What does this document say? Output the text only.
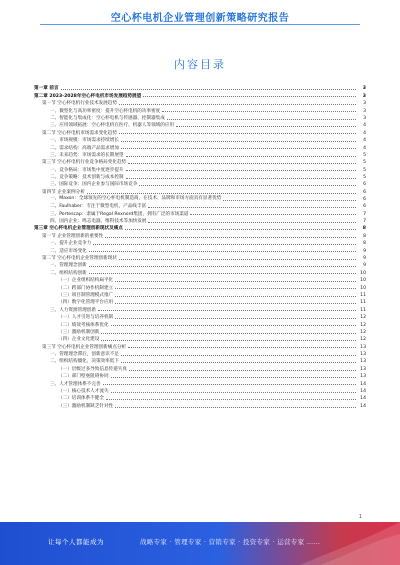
空心杯电机企业管理创新策略研究报告
内容目录
第一章 前言	3
第二章 2023-2028年空心杯电机市场发展趋势展望	3
第一节 空心杯电机行业技术发展趋势	3
一、微型化与高功率密度：提升空心杯电机的功率密度	3
二、智能化与集成化：空心杯电机与传感器、控制器集成	3
三、应用领域拓展：空心杯电机在医疗、机器人等领域的应用	4
第二节 空心杯电机市场需求变化趋势	4
一、市场规模：市场需求持续增长	4
二、需求结构：高端产品需求增加	4
三、未来趋势：市场需求的长期展望	5
第三节 空心杯电机行业竞争格局变化趋势	5
一、竞争格局：市场集中度逐步提升	5
二、竞争策略：技术创新与成本控制	5
三、国际竞争：国内企业参与国际市场竞争	6
第四节 企业案例分析	6
一、Maxon：全球领先的空心杯电机制造商，在技术、品牌和市场方面具有显著优势	6
二、Faulhaber：专注于微型电机，产品线丰富	6
三、Portescap：隶属于Regal Rexnord集团，拥有广泛的市场渠道	7
四、国内企业：鸣志电器、维科技术等加快发展	7
第三章 空心杯电机企业管理创新现状及痛点	8
第一节 企业管理创新的重要性	8
一、提升企业竞争力	8
二、适应市场变化	9
第二节 空心杯电机企业管理创新现状	9
一、管理理念创新	9
二、组织结构创新	10
（一）企业组织结构扁平化	10
（二）跨部门协作机制建立	10
（三）项目制管理模式推广	11
（四）数字化管理平台应用	11
三、人力资源管理创新	11
（一）人才引进与培养机制	12
（二）绩效考核体系优化	12
（三）激励机制创新	12
（四）企业文化建设	12
第三节 空心杯电机企业管理创新痛点分析	13
一、管理理念滞后，创新意识不足	13
二、组织结构僵化，决策效率低下	13
（一）层级过多导致信息传递失真	13
（二）部门壁垒阻碍协同	13
三、人才管理体系不完善	14
（一）核心技术人才流失	14
（二）培训体系不健全	14
（三）激励机制缺乏针对性	14
1
让每个人都能成为	战略专家 · 管理专家 · 营销专家 · 投资专家 · 运营专家 ……
